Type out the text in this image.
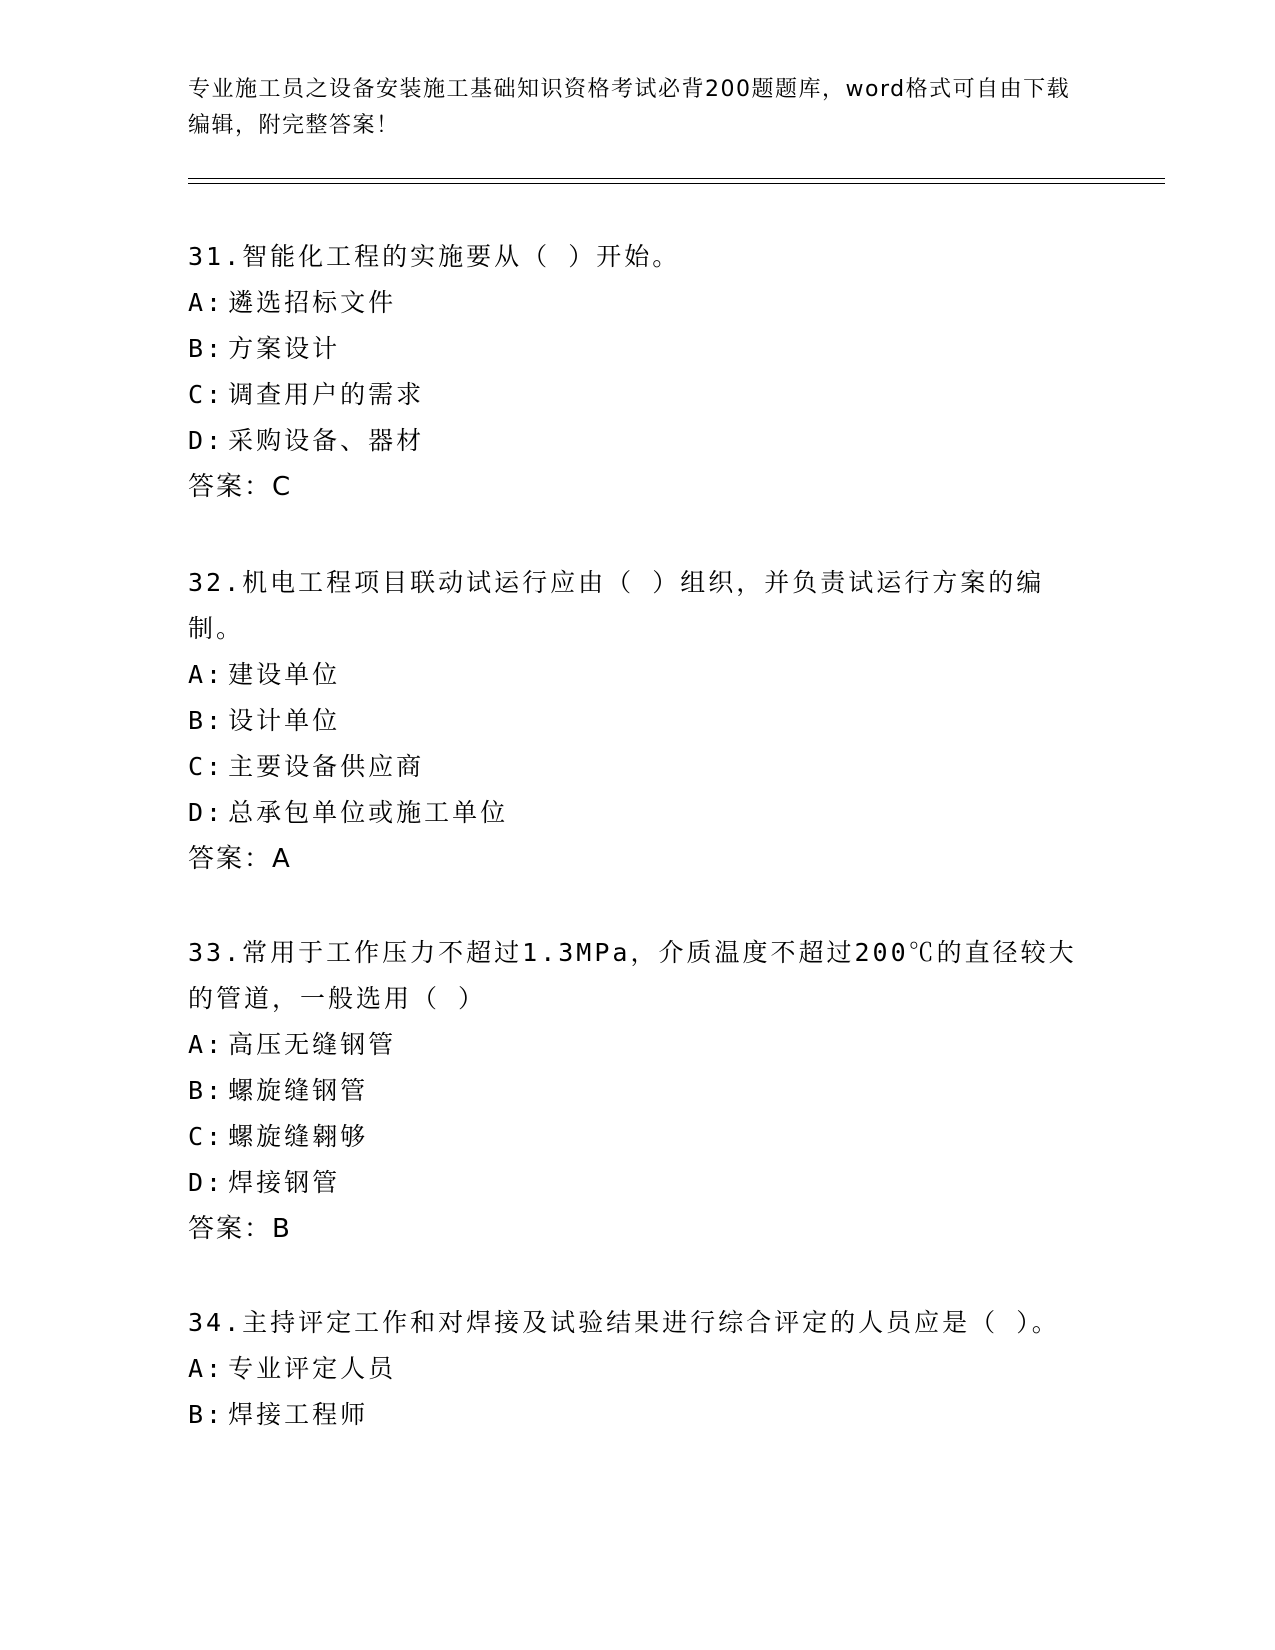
专业施工员之设备安装施工基础知识资格考试必背200题题库，word格式可自由下载编辑，附完整答案！

31.智能化工程的实施要从（ ）开始。

A: 遴选招标文件

B: 方案设计

C: 调查用户的需求

D: 采购设备、器材

答案：C

32.机电工程项目联动试运行应由（ ）组织，并负责试运行方案的编制。

A: 建设单位

B: 设计单位

C: 主要设备供应商

D: 总承包单位或施工单位

答案：A

33.常用于工作压力不超过1.3MPa，介质温度不超过200℃的直径较大的管道，一般选用（ ）

A: 高压无缝钢管

B: 螺旋缝钢管

C: 螺旋缝翱够

D: 焊接钢管

答案：B

34.主持评定工作和对焊接及试验结果进行综合评定的人员应是（ ）。

A: 专业评定人员

B: 焊接工程师
